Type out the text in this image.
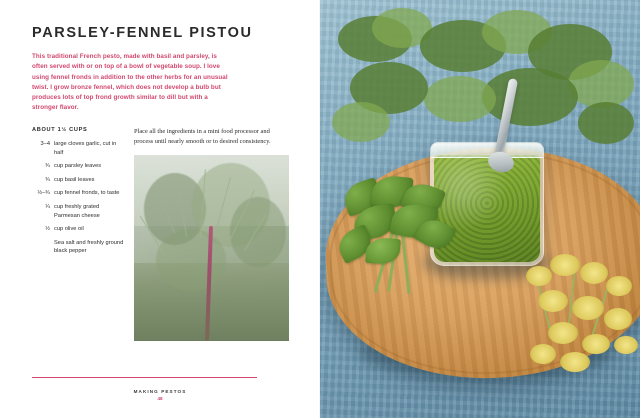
PARSLEY-FENNEL PISTOU

This traditional French pesto, made with basil and parsley, is often served with or on top of a bowl of vegetable soup. I love using fennel fronds in addition to the other herbs for an unusual twist. I grow bronze fennel, which does not develop a bulb but produces lots of top frond growth similar to dill but with a stronger flavor.

ABOUT 1½ CUPS
3–4 large cloves garlic, cut in half
¾ cup parsley leaves
¾ cup basil leaves
½–¾ cup fennel fronds, to taste
¼ cup freshly grated Parmesan cheese
½ cup olive oil
Sea salt and freshly ground black pepper

Place all the ingredients in a mini food processor and process until nearly smooth or to desired consistency.

MAKING PESTOS

48
